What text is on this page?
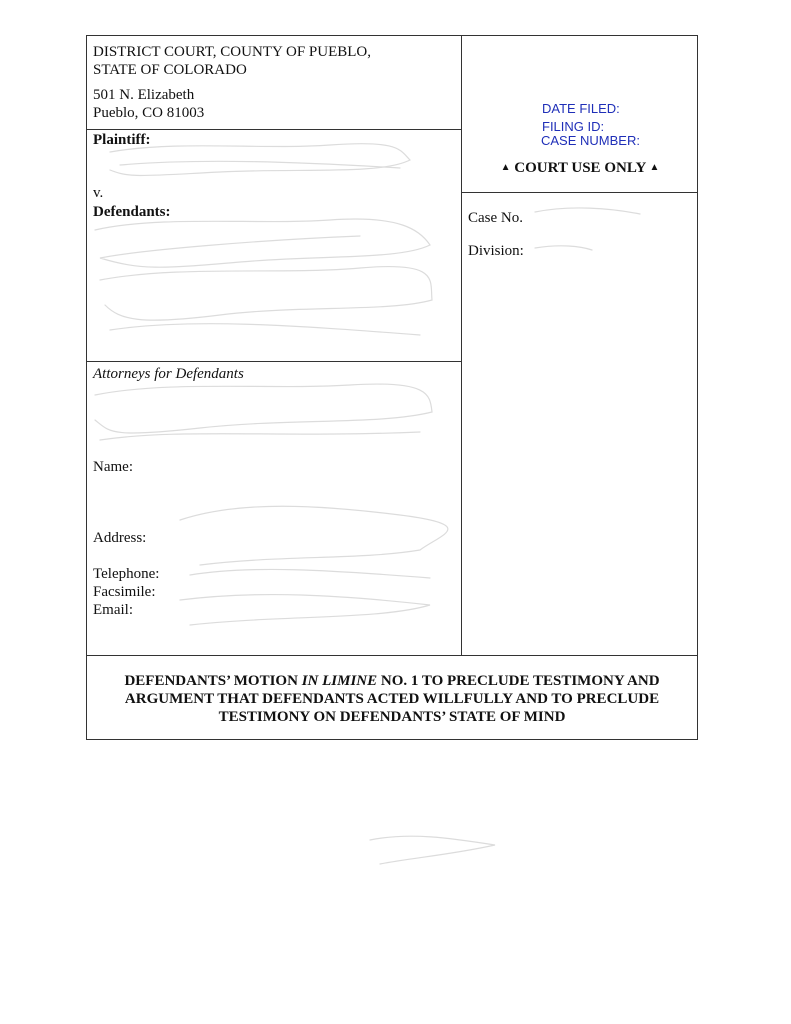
DISTRICT COURT, COUNTY OF PUEBLO,
STATE OF COLORADO
501 N. Elizabeth
Pueblo, CO 81003	DATE FILED:
FILING ID:
CASE NUMBER:
▲ COURT USE ONLY ▲
Plaintiff:
v.
Defendants:	Case No.
Division:
Attorneys for Defendants
Name:
Address:
Telephone:
Facsimile:
Email:
DEFENDANTS’ MOTION IN LIMINE NO. 1 TO PRECLUDE TESTIMONY AND
ARGUMENT THAT DEFENDANTS ACTED WILLFULLY AND TO PRECLUDE
TESTIMONY ON DEFENDANTS’ STATE OF MIND
